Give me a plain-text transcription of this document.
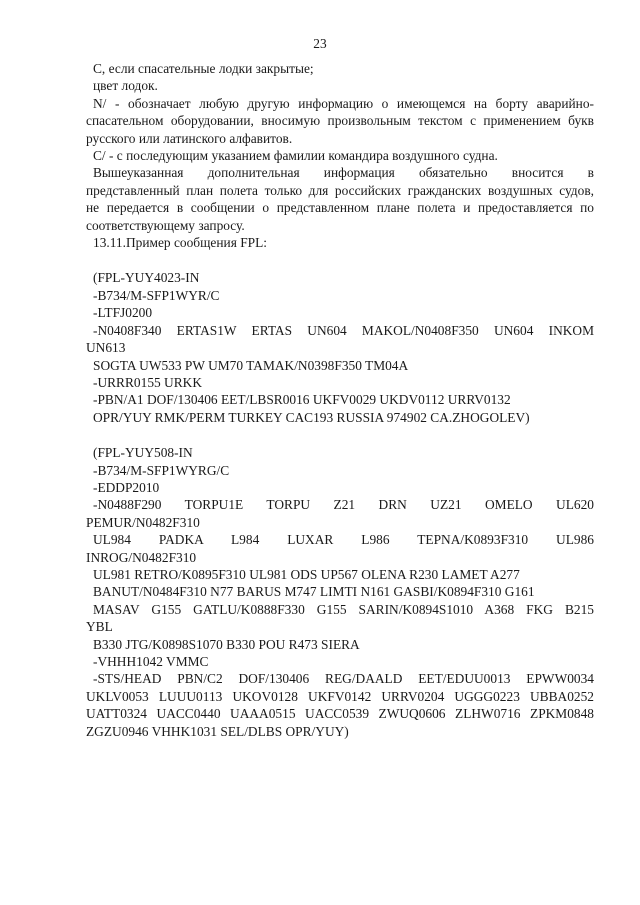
23

С, если спасательные лодки закрытые;

цвет лодок.

N/ - обозначает любую другую информацию о имеющемся на борту аварийно-

спасательном оборудовании, вносимую произвольным текстом с применением букв

русского или латинского алфавитов.

С/ - с последующим указанием фамилии командира воздушного судна.

Вышеуказанная дополнительная информация обязательно вносится в

представленный план полета только для российских гражданских воздушных судов,

не передается в сообщении о представленном плане полета и предоставляется по

соответствующему запросу.

13.11.Пример сообщения FPL:

(FPL-YUY4023-IN

-B734/M-SFP1WYR/C

-LTFJ0200

-N0408F340 ERTAS1W ERTAS UN604 MAKOL/N0408F350 UN604 INKOM

UN613

SOGTA UW533 PW UM70 TAMAK/N0398F350 TM04A

-URRR0155 URKK

-PBN/A1 DOF/130406 EET/LBSR0016 UKFV0029 UKDV0112 URRV0132

OPR/YUY RMK/PERM TURKEY CAC193 RUSSIA 974902 CA.ZHOGOLEV)

(FPL-YUY508-IN

-B734/M-SFP1WYRG/C

-EDDP2010

-N0488F290 TORPU1E TORPU Z21 DRN UZ21 OMELO UL620

PEMUR/N0482F310

UL984 PADKA L984 LUXAR L986 TEPNA/K0893F310 UL986

INROG/N0482F310

UL981 RETRO/K0895F310 UL981 ODS UP567 OLENA R230 LAMET A277

BANUT/N0484F310 N77 BARUS M747 LIMTI N161 GASBI/K0894F310 G161

MASAV G155 GATLU/K0888F330 G155 SARIN/K0894S1010 A368 FKG B215

YBL

B330 JTG/K0898S1070 B330 POU R473 SIERA

-VHHH1042 VMMC

-STS/HEAD PBN/C2 DOF/130406 REG/DAALD EET/EDUU0013 EPWW0034

UKLV0053 LUUU0113 UKOV0128 UKFV0142 URRV0204 UGGG0223 UBBA0252

UATT0324 UACC0440 UAAA0515 UACC0539 ZWUQ0606 ZLHW0716 ZPKM0848

ZGZU0946 VHHK1031 SEL/DLBS OPR/YUY)
